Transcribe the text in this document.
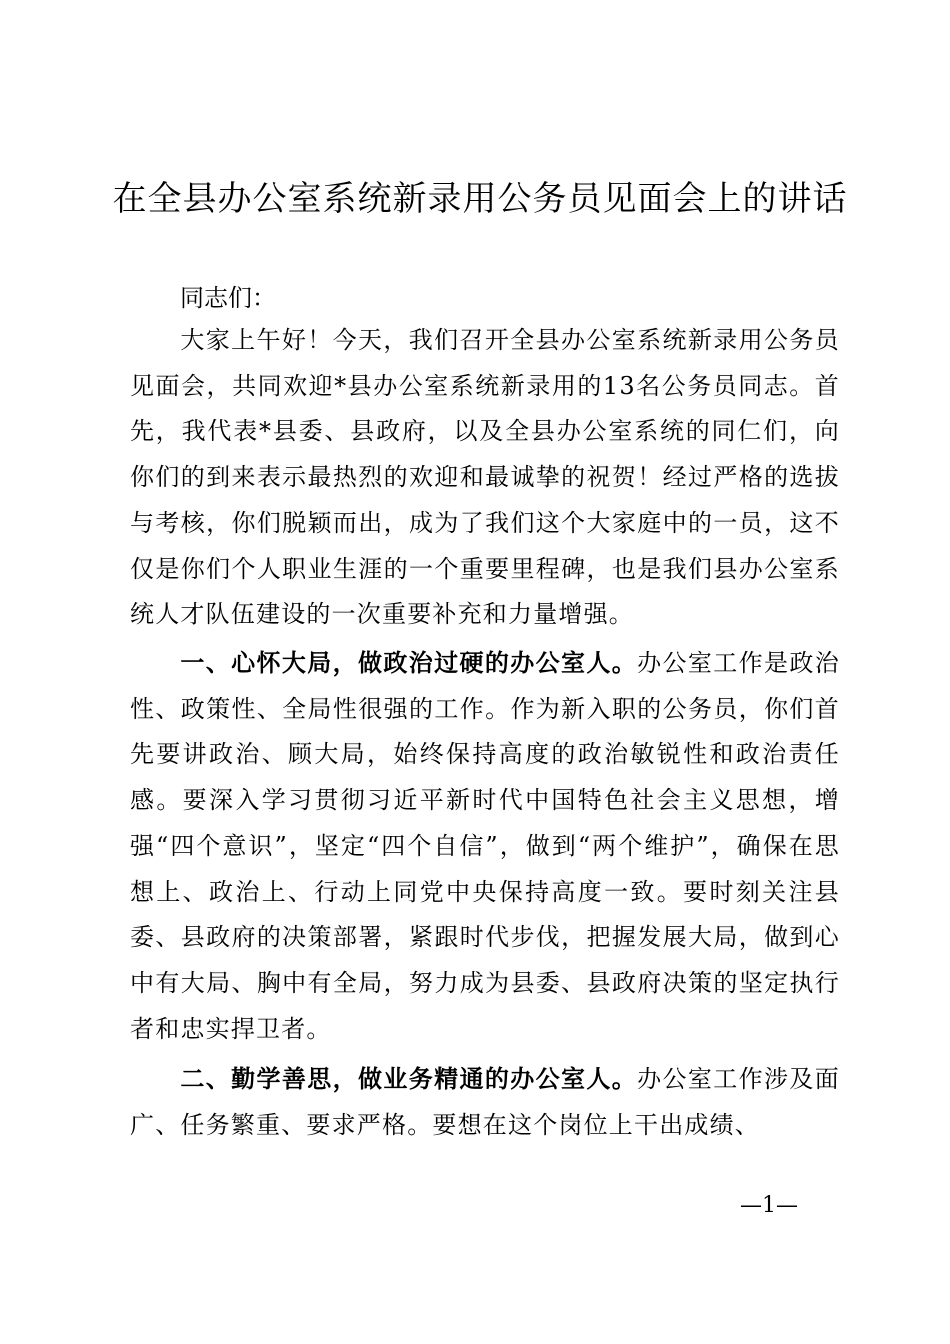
在全县办公室系统新录用公务员见面会上的讲话

同志们：

大家上午好！今天，我们召开全县办公室系统新录用公务员见面会，共同欢迎*县办公室系统新录用的13名公务员同志。首先，我代表*县委、县政府，以及全县办公室系统的同仁们，向你们的到来表示最热烈的欢迎和最诚挚的祝贺！经过严格的选拔与考核，你们脱颖而出，成为了我们这个大家庭中的一员，这不仅是你们个人职业生涯的一个重要里程碑，也是我们县办公室系统人才队伍建设的一次重要补充和力量增强。

一、心怀大局，做政治过硬的办公室人。办公室工作是政治性、政策性、全局性很强的工作。作为新入职的公务员，你们首先要讲政治、顾大局，始终保持高度的政治敏锐性和政治责任感。要深入学习贯彻习近平新时代中国特色社会主义思想，增强“四个意识”，坚定“四个自信”，做到“两个维护”，确保在思想上、政治上、行动上同党中央保持高度一致。要时刻关注县委、县政府的决策部署，紧跟时代步伐，把握发展大局，做到心中有大局、胸中有全局，努力成为县委、县政府决策的坚定执行者和忠实捍卫者。

二、勤学善思，做业务精通的办公室人。办公室工作涉及面广、任务繁重、要求严格。要想在这个岗位上干出成绩、

—1—
